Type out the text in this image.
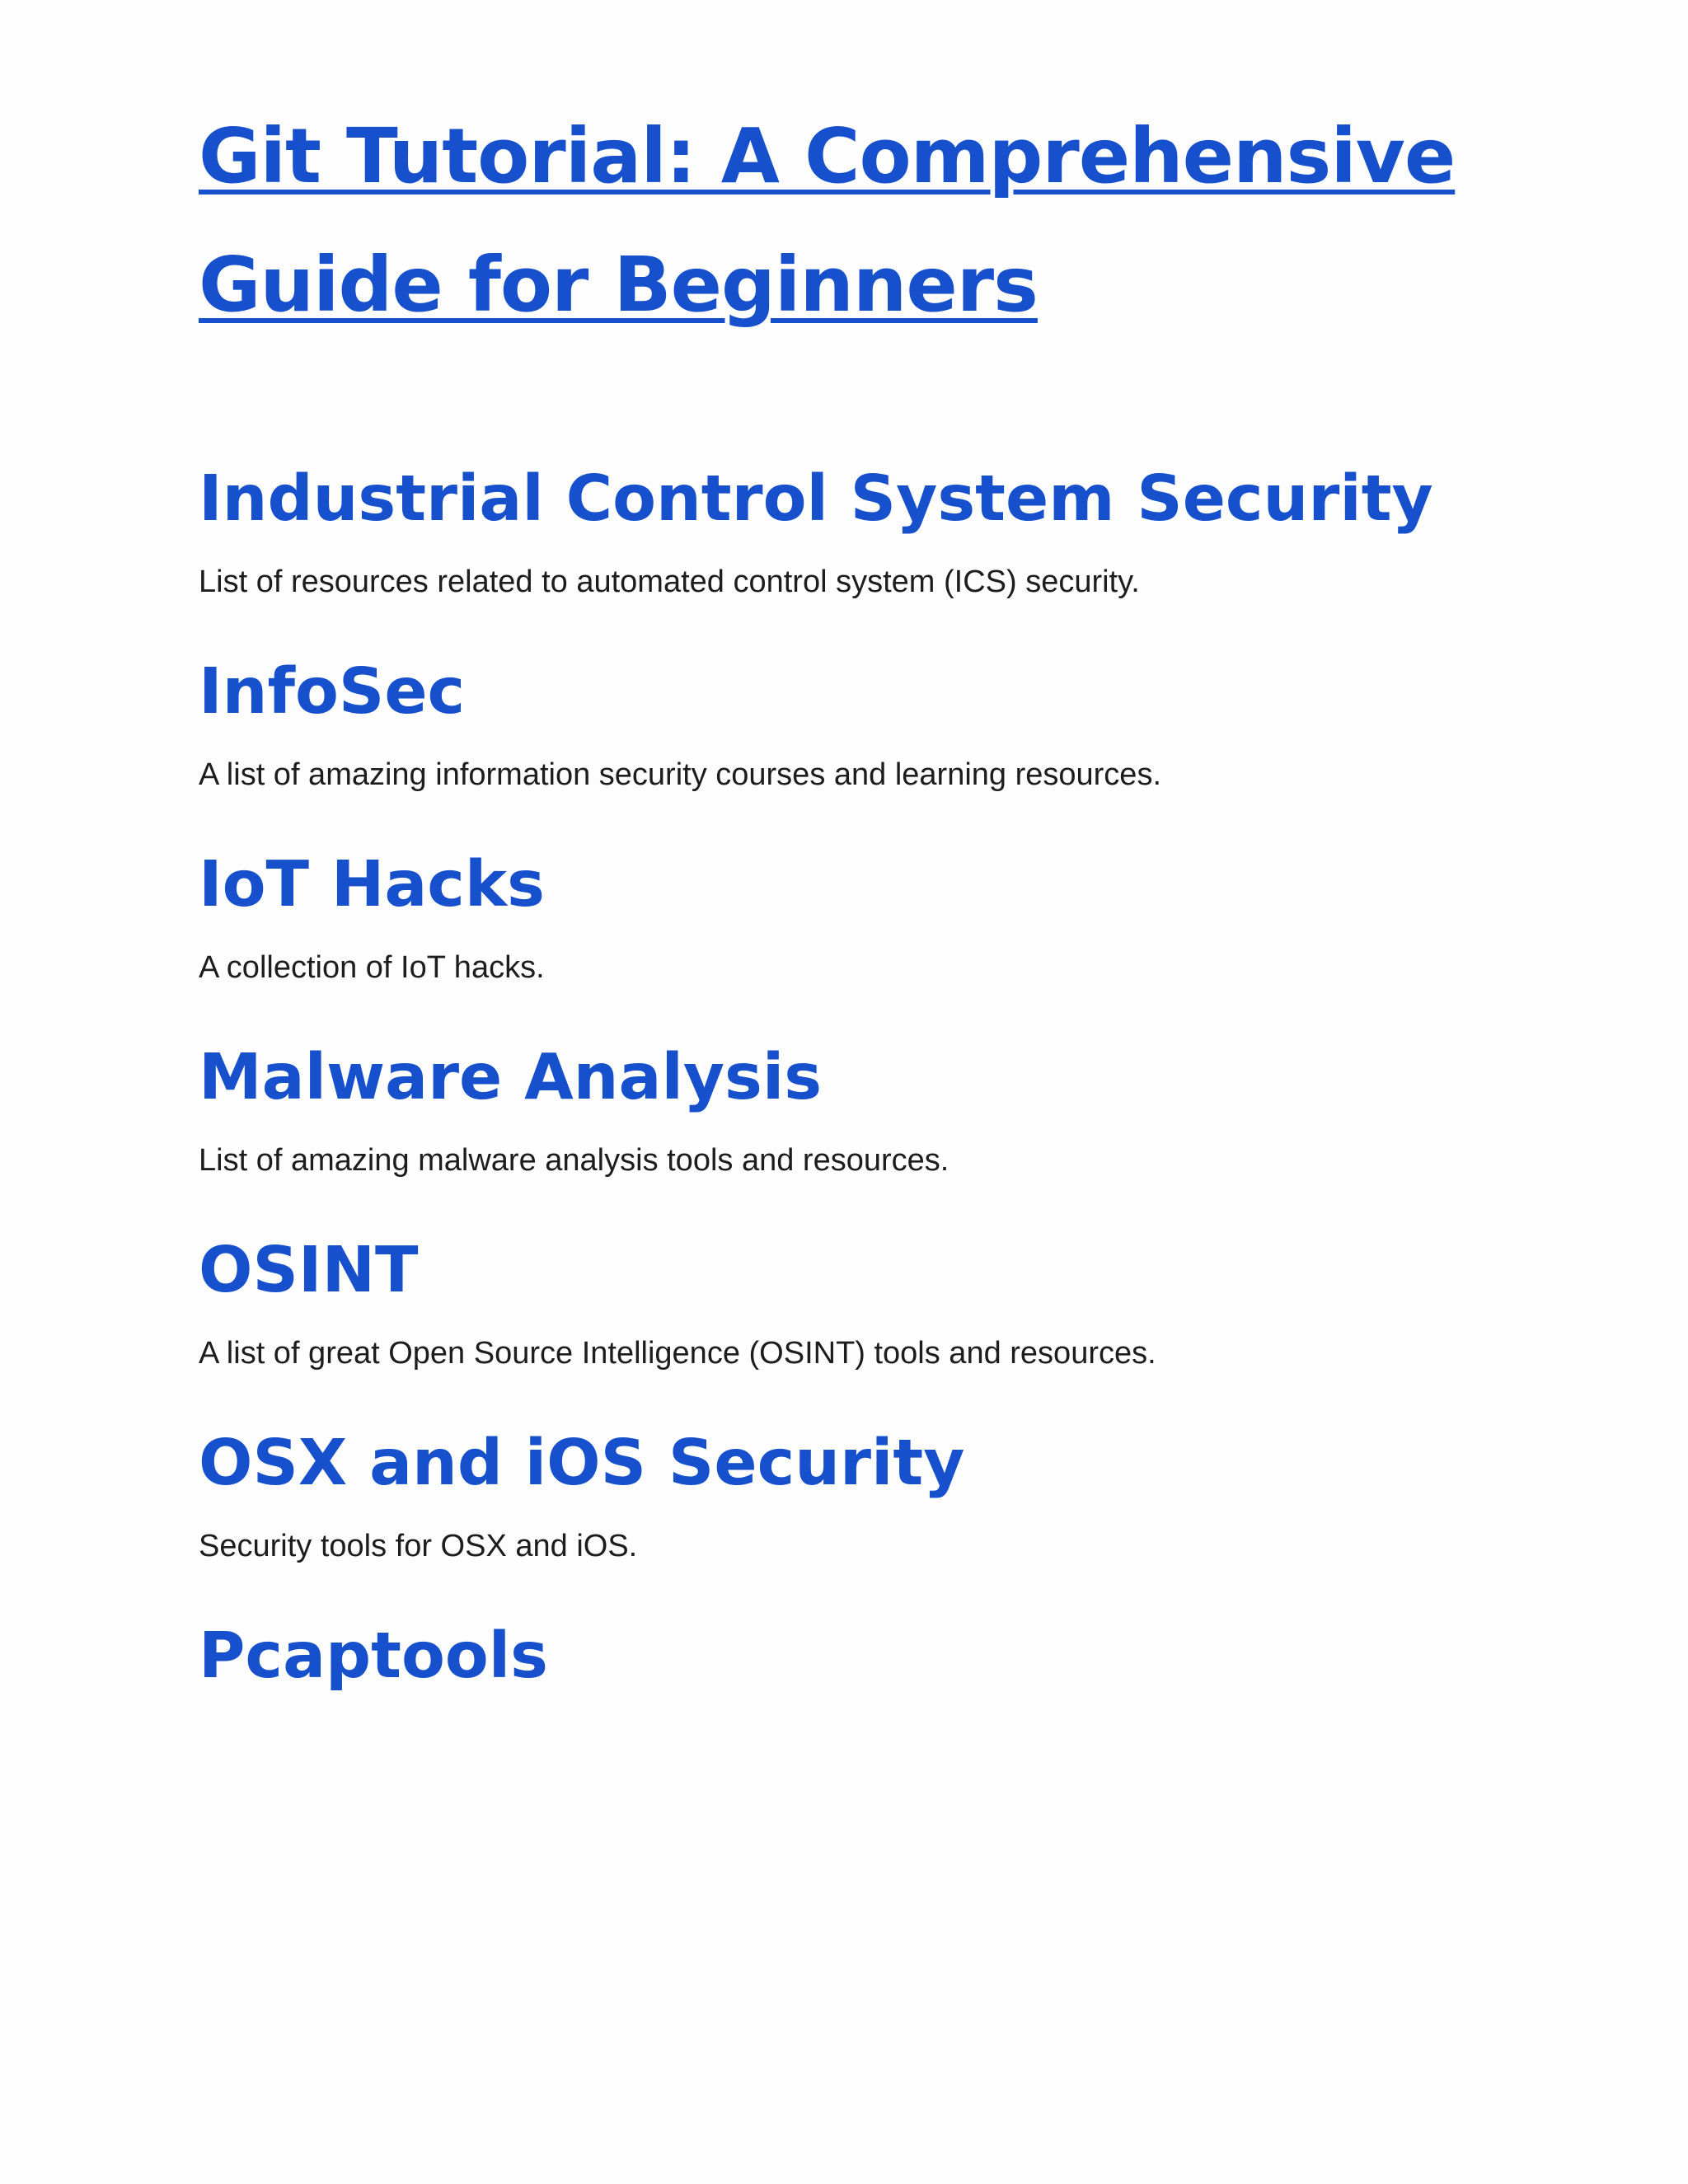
Git Tutorial: A Comprehensive Guide for Beginners
Industrial Control System Security

List of resources related to automated control system (ICS) security.

InfoSec

A list of amazing information security courses and learning resources.

IoT Hacks

A collection of IoT hacks.

Malware Analysis

List of amazing malware analysis tools and resources.

OSINT

A list of great Open Source Intelligence (OSINT) tools and resources.

OSX and iOS Security

Security tools for OSX and iOS.

Pcaptools
